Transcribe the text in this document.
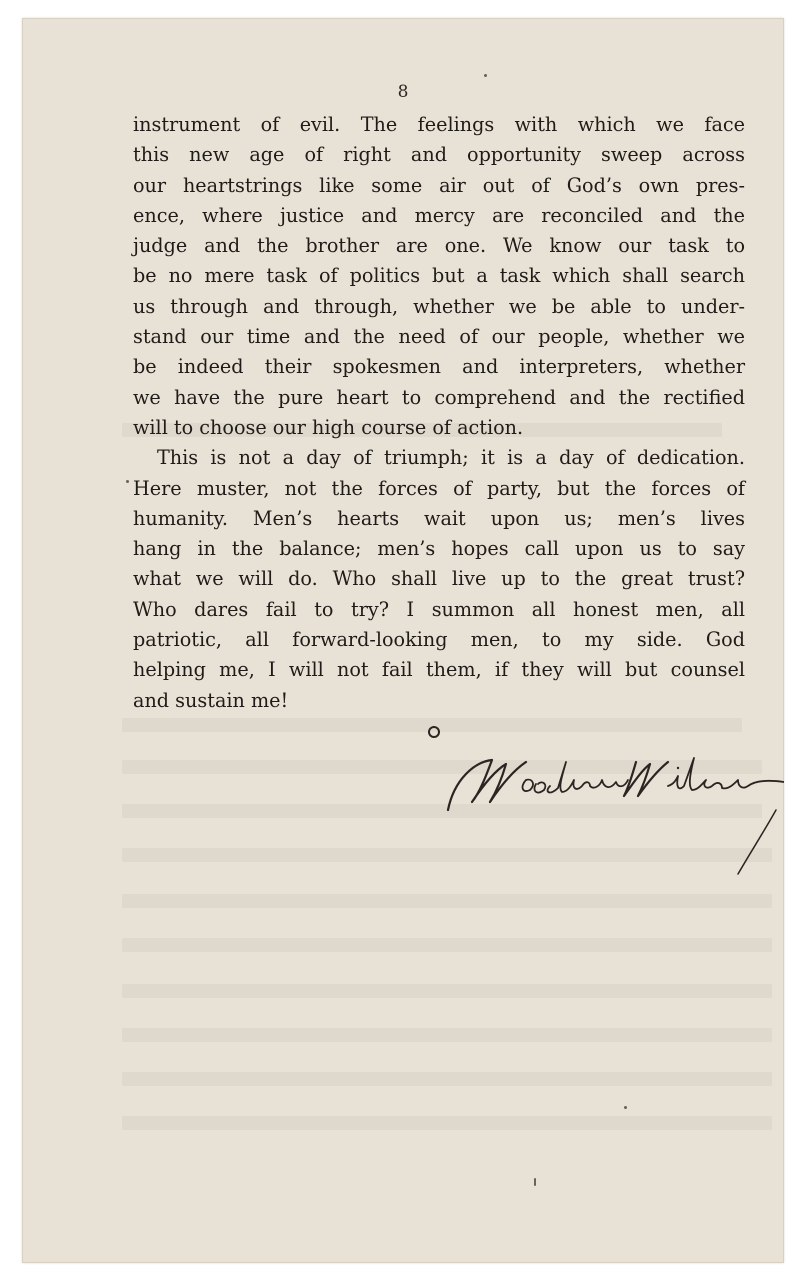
8

instrument of evil. The feelings with which we face
this new age of right and opportunity sweep across
our heartstrings like some air out of God’s own pres-
ence, where justice and mercy are reconciled and the
judge and the brother are one. We know our task to
be no mere task of politics but a task which shall search
us through and through, whether we be able to under-
stand our time and the need of our people, whether we
be indeed their spokesmen and interpreters, whether
we have the pure heart to comprehend and the rectified
will to choose our high course of action.

This is not a day of triumph; it is a day of dedication.
Here muster, not the forces of party, but the forces of
humanity. Men’s hearts wait upon us; men’s lives
hang in the balance; men’s hopes call upon us to say
what we will do. Who shall live up to the great trust?
Who dares fail to try? I summon all honest men, all
patriotic, all forward-looking men, to my side. God
helping me, I will not fail them, if they will but counsel
and sustain me!
